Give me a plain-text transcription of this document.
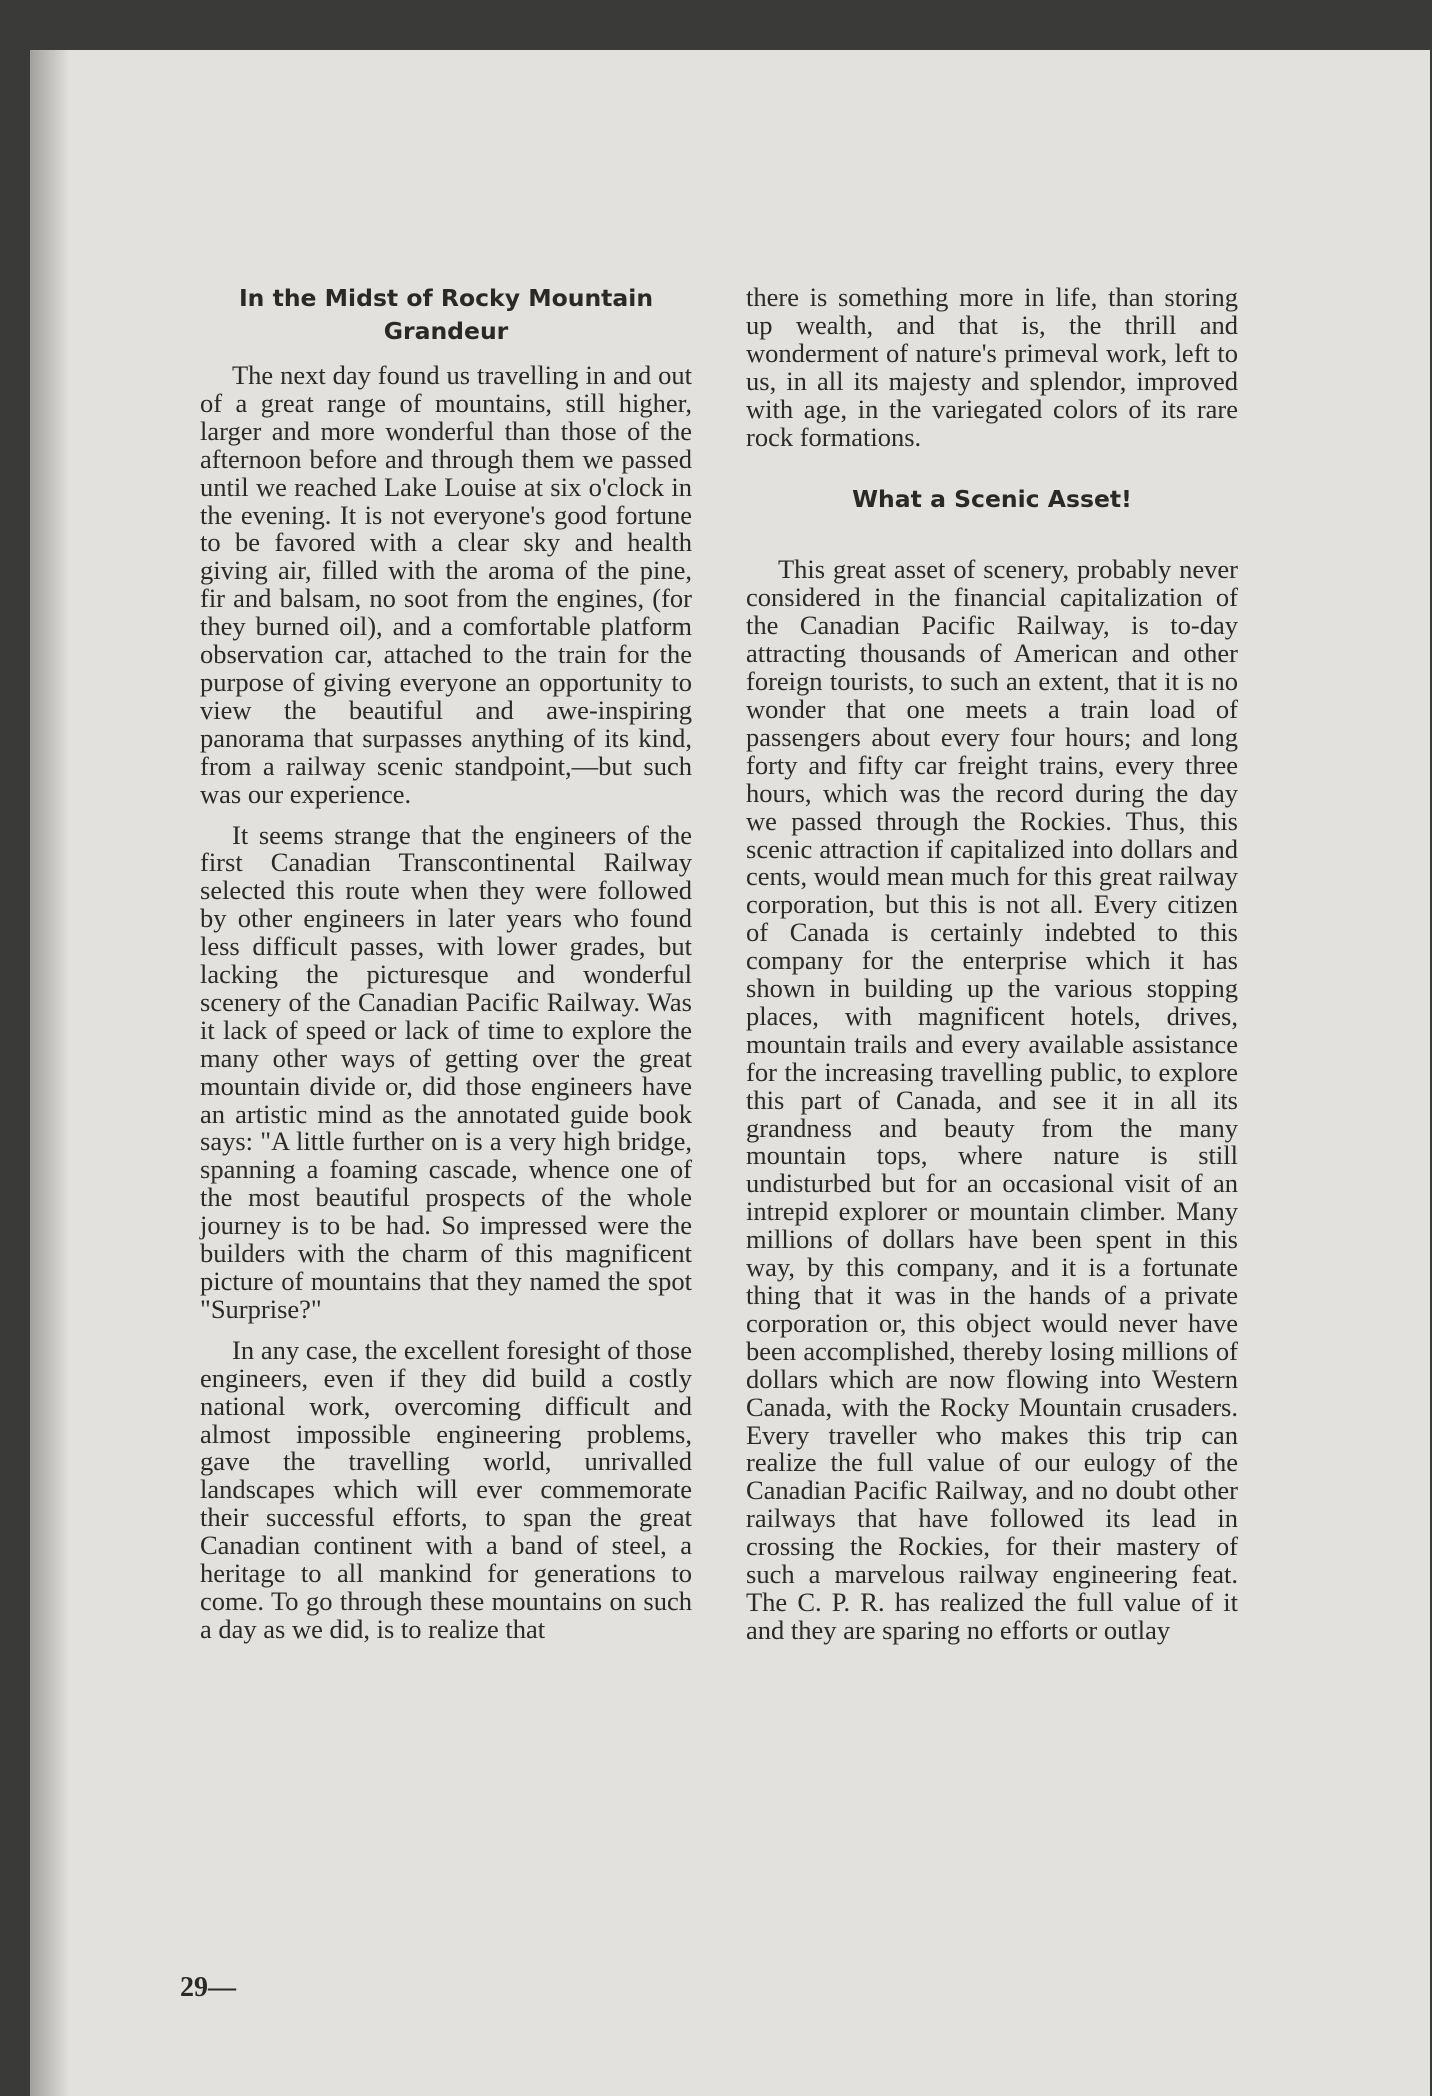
In the Midst of Rocky Mountain Grandeur

The next day found us travelling in and out of a great range of mountains, still higher, larger and more wonderful than those of the afternoon before and through them we passed until we reached Lake Louise at six o'clock in the evening. It is not everyone's good fortune to be favored with a clear sky and health giving air, filled with the aroma of the pine, fir and balsam, no soot from the engines, (for they burned oil), and a comfortable platform observation car, attached to the train for the purpose of giving everyone an opportunity to view the beautiful and awe-inspiring panorama that surpasses anything of its kind, from a railway scenic standpoint,—but such was our experience.

It seems strange that the engineers of the first Canadian Transcontinental Railway selected this route when they were followed by other engineers in later years who found less difficult passes, with lower grades, but lacking the picturesque and wonderful scenery of the Canadian Pacific Railway. Was it lack of speed or lack of time to explore the many other ways of getting over the great mountain divide or, did those engineers have an artistic mind as the annotated guide book says: "A little further on is a very high bridge, spanning a foaming cascade, whence one of the most beautiful prospects of the whole journey is to be had. So impressed were the builders with the charm of this magnificent picture of mountains that they named the spot "Surprise?"

In any case, the excellent foresight of those engineers, even if they did build a costly national work, overcoming difficult and almost impossible engineering problems, gave the travelling world, unrivalled landscapes which will ever commemorate their successful efforts, to span the great Canadian continent with a band of steel, a heritage to all mankind for generations to come. To go through these mountains on such a day as we did, is to realize that

there is something more in life, than storing up wealth, and that is, the thrill and wonderment of nature's primeval work, left to us, in all its majesty and splendor, improved with age, in the variegated colors of its rare rock formations.

What a Scenic Asset!

This great asset of scenery, probably never considered in the financial capitalization of the Canadian Pacific Railway, is to-day attracting thousands of American and other foreign tourists, to such an extent, that it is no wonder that one meets a train load of passengers about every four hours; and long forty and fifty car freight trains, every three hours, which was the record during the day we passed through the Rockies. Thus, this scenic attraction if capitalized into dollars and cents, would mean much for this great railway corporation, but this is not all. Every citizen of Canada is certainly indebted to this company for the enterprise which it has shown in building up the various stopping places, with magnificent hotels, drives, mountain trails and every available assistance for the increasing travelling public, to explore this part of Canada, and see it in all its grandness and beauty from the many mountain tops, where nature is still undisturbed but for an occasional visit of an intrepid explorer or mountain climber. Many millions of dollars have been spent in this way, by this company, and it is a fortunate thing that it was in the hands of a private corporation or, this object would never have been accomplished, thereby losing millions of dollars which are now flowing into Western Canada, with the Rocky Mountain crusaders. Every traveller who makes this trip can realize the full value of our eulogy of the Canadian Pacific Railway, and no doubt other railways that have followed its lead in crossing the Rockies, for their mastery of such a marvelous railway engineering feat. The C. P. R. has realized the full value of it and they are sparing no efforts or outlay

29—
